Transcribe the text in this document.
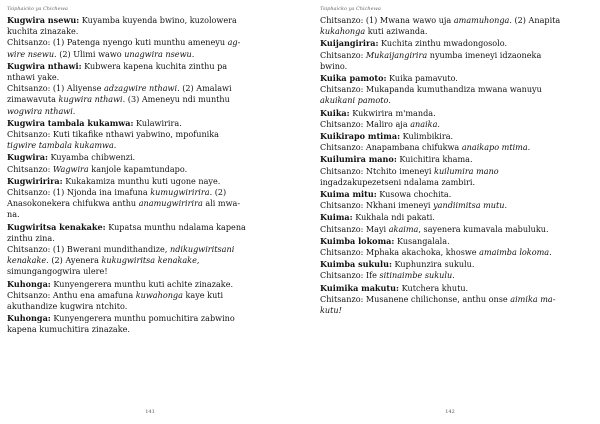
Tsiphaicko ya Chichewa
Kugwira nsewu: Kuyamba kuyenda bwino, kuzolowera
kuchita zinazake.
Chitsanzo: (1) Patenga nyengo kuti munthu ameneyu ag-
wire nsewu. (2) Ulimi wawo unagwira nsewu.
Kugwira nthawi: Kubwera kapena kuchita zinthu pa
nthawi yake.
Chitsanzo: (1) Aliyense adzagwire nthawi. (2) Amalawi
zimawavuta kugwira nthawi. (3) Ameneyu ndi munthu
wogwira nthawi.
Kugwira tambala kukamwa: Kulawirira.
Chitsanzo: Kuti tikafike nthawi yabwino, mpofunika
tigwire tambala kukamwa.
Kugwira: Kuyamba chibwenzi.
Chitsanzo: Wagwira kanjole kapamtundapo.
Kugwiririra: Kukakamiza munthu kuti ugone naye.
Chitsanzo: (1) Njonda ina imafuna kumugwiririra. (2)
Anasokonekera chifukwa anthu anamugwiririra ali mwa-
na.
Kugwiritsa kenakake: Kupatsa munthu ndalama kapena
zinthu zina.
Chitsanzo: (1) Bwerani mundithandize, ndikugwiritsani
kenakake. (2) Ayenera kukugwiritsa kenakake,
simungangogwira ulere!
Kuhonga: Kunyengerera munthu kuti achite zinazake.
Chitsanzo: Anthu ena amafuna kuwahonga kaye kuti
akuthandize kugwira ntchito.
Kuhonga: Kunyengerera munthu pomuchitira zabwino
kapena kumuchitira zinazake.
141
Tsiphaicko ya Chichewa
Chitsanzo: (1) Mwana wawo uja amamuhonga. (2) Anapita
kukahonga kuti aziwanda.
Kuijangirira: Kuchita zinthu mwadongosolo.
Chitsanzo: Mukaijangirira nyumba imeneyi idzaoneka
bwino.
Kuika pamoto: Kuika pamavuto.
Chitsanzo: Mukapanda kumuthandiza mwana wanuyu
akuikani pamoto.
Kuika: Kukwirira m'manda.
Chitsanzo: Maliro aja anaika.
Kuikirapo mtima: Kulimbikira.
Chitsanzo: Anapambana chifukwa anaikapo mtima.
Kuilumira mano: Kuichitira khama.
Chitsanzo: Ntchito imeneyi kuilumira mano
ingadzakupezetseni ndalama zambiri.
Kuima mitu: Kusowa chochita.
Chitsanzo: Nkhani imeneyi yandiimitsa mutu.
Kuima: Kukhala ndi pakati.
Chitsanzo: Mayi akaima, sayenera kumavala mabuluku.
Kuimba lokoma: Kusangalala.
Chitsanzo: Mphaka akachoka, khoswe amaimba lokoma.
Kuimba sukulu: Kuphunzira sukulu.
Chitsanzo: Ife sitinaimbe sukulu.
Kuimika makutu: Kutchera khutu.
Chitsanzo: Musanene chilichonse, anthu onse aimika ma-
kutu!
142
